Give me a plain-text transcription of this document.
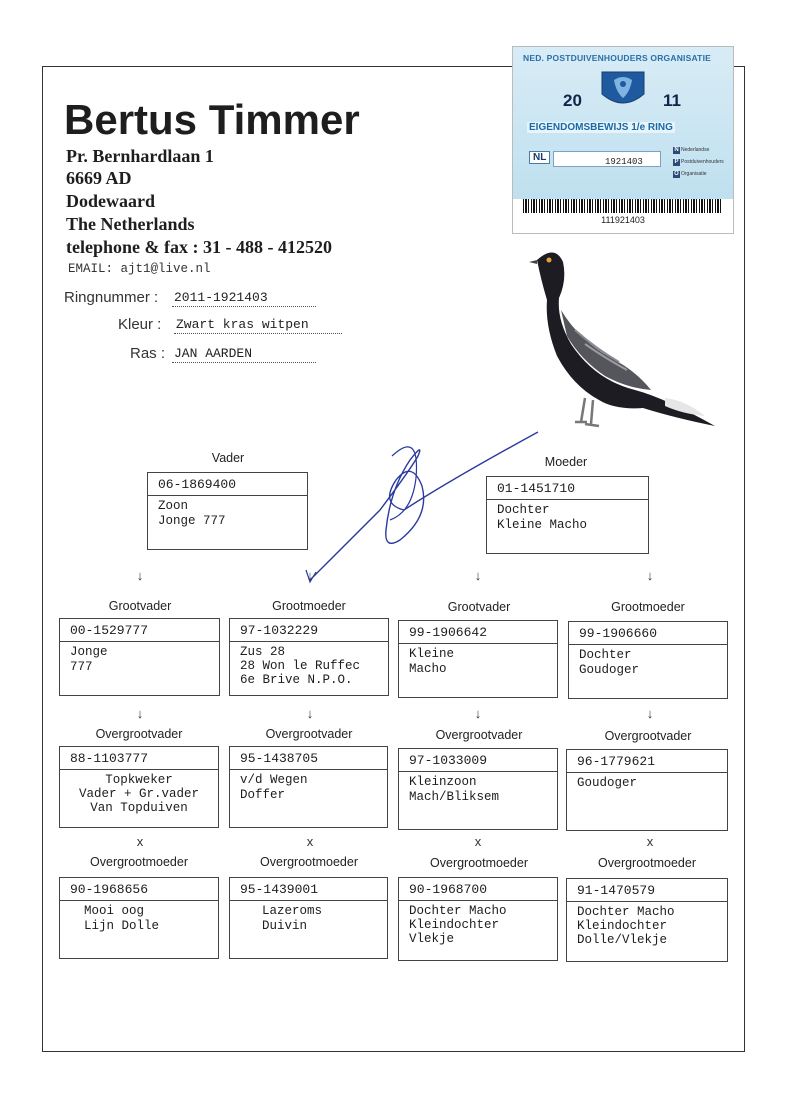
Bertus Timmer
Pr. Bernhardlaan 1
6669 AD
Dodewaard
The Netherlands
telephone & fax : 31 - 488 - 412520
EMAIL: ajt1@live.nl
Ringnummer : 2011-1921403
Kleur : Zwart kras witpen
Ras : JAN AARDEN
NED. POSTDUIVENHOUDERS ORGANISATIE
20	11
EIGENDOMSBEWIJS 1/e RING
NL	1921403
N Nederlandse
P Postduivenhouders
O Organisatie
111921403
Vader
06-1869400
Zoon
Jonge 777
Moeder
01-1451710
Dochter
Kleine Macho
↓	↓	↓	↓
Grootvader
00-1529777
Jonge
777
Grootmoeder
97-1032229
Zus 28
28 Won le Ruffec
6e Brive N.P.O.
Grootvader
99-1906642
Kleine
Macho
Grootmoeder
99-1906660
Dochter
Goudoger
↓	↓	↓	↓
Overgrootvader
88-1103777
Topkweker
Vader + Gr.vader
Van Topduiven
Overgrootvader
95-1438705
v/d Wegen
Doffer
Overgrootvader
97-1033009
Kleinzoon
Mach/Bliksem
Overgrootvader
96-1779621
Goudoger
x	x	x	x
Overgrootmoeder
90-1968656
Mooi oog
Lijn Dolle
Overgrootmoeder
95-1439001
Lazeroms
Duivin
Overgrootmoeder
90-1968700
Dochter Macho
Kleindochter
Vlekje
Overgrootmoeder
91-1470579
Dochter Macho
Kleindochter
Dolle/Vlekje
